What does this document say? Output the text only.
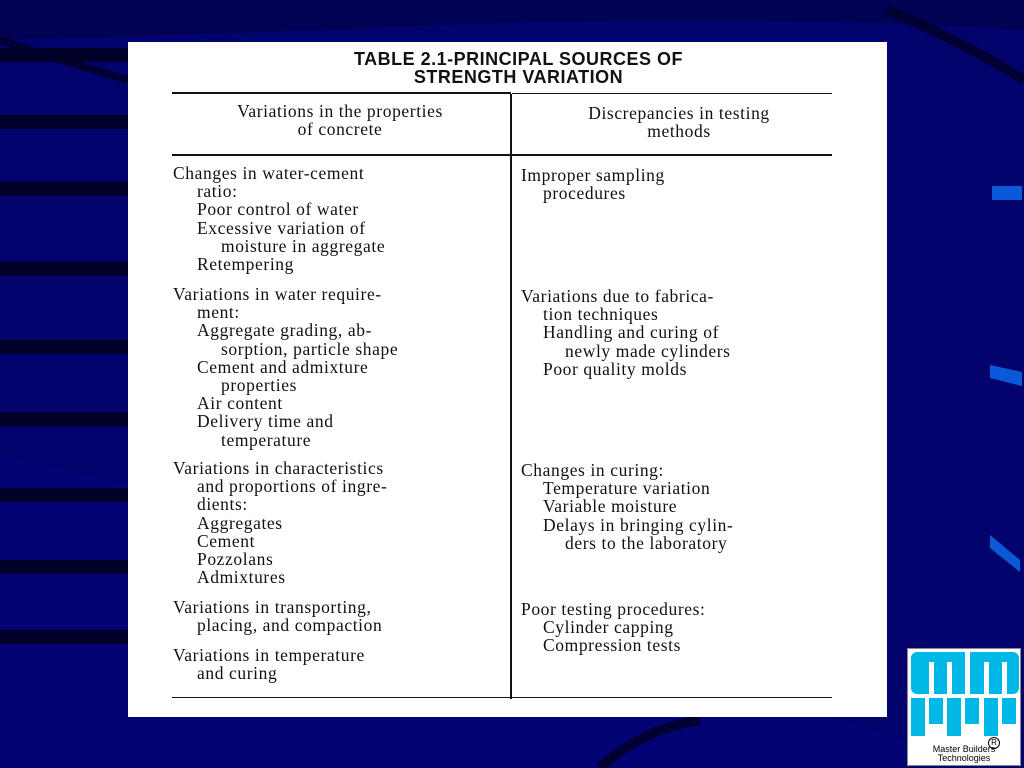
TABLE 2.1-PRINCIPAL SOURCES OF
STRENGTH VARIATION

Variations in the properties

of concrete

Changes in water-cement

ratio:

Poor control of water

Excessive variation of

moisture in aggregate

Retempering

Variations in water require-

ment:

Aggregate grading, ab-

sorption, particle shape

Cement and admixture

properties

Air content

Delivery time and

temperature

Variations in characteristics

and proportions of ingre-

dients:

Aggregates

Cement

Pozzolans

Admixtures

Variations in transporting,

placing, and compaction

Variations in temperature

and curing

Discrepancies in testing

methods

Improper sampling

procedures

Variations due to fabrica-

tion techniques

Handling and curing of

newly made cylinders

Poor quality molds

Changes in curing:

Temperature variation

Variable moisture

Delays in bringing cylin-

ders to the laboratory

Poor testing procedures:

Cylinder capping

Compression tests

R
Master Builders
Technologies
